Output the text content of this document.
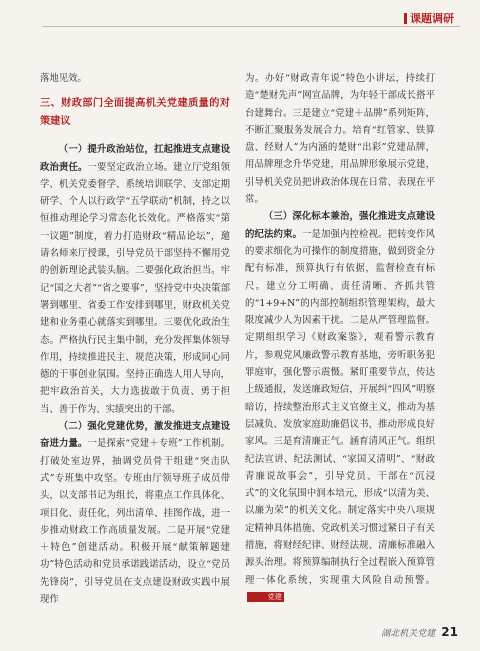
课题调研

落地见效。

三、财政部门全面提高机关党建质量的对策建议

（一）提升政治站位，扛起推进支点建设政治责任。一要坚定政治立场。建立厅党组领学、机关党委督学、系统培训联学、支部定期研学、个人以行政学“五学联动”机制，持之以恒推动理论学习常态化长效化。严格落实“第一议题”制度，着力打造财政“精品论坛”，邀请名师来厅授课，引导党员干部坚持不懈用党的创新理论武装头脑。二要强化政治担当。牢记“国之大者”“省之要事”，坚持党中央决策部署到哪里、省委工作安排到哪里，财政机关党建和业务重心就落实到哪里。三要优化政治生态。严格执行民主集中制，充分发挥集体领导作用，持续推进民主、规范决策，形成同心同德的干事创业氛围。坚持正确选人用人导向，把牢政治首关，大力选拔敢于负责、勇于担当、善于作为、实绩突出的干部。

（二）强化党建优势，激发推进支点建设奋进力量。一是探索“党建＋专班”工作机制。打破处室边界，抽调党员骨干组建“突击队式”专班集中攻坚。专班由厅领导班子成员带头，以支部书记为组长，将重点工作具体化、项目化、责任化，列出清单、挂图作战，进一步推动财政工作高质量发展。二是开展“党建＋特色”创建活动。积极开展“献策解题建功”特色活动和党员承诺践诺活动，设立“党员先锋岗”，引导党员在支点建设财政实践中展现作

为。办好“财政青年说”特色小讲坛，持续打造“楚财先声”网宣品牌，为年轻干部成长搭平台建舞台。三是建立“党建＋品牌”系列矩阵，不断汇聚服务发展合力。培育“红管家、铁算盘、经财人”为内涵的楚财“出彩”党建品牌，用品牌理念升华党建，用品牌形象展示党建，引导机关党员把讲政治体现在日常、表现在平常。

（三）深化标本兼治，强化推进支点建设的纪法约束。一是加强内控检视。把转变作风的要求细化为可操作的制度措施，做到资金分配有标准，预算执行有依据，监督检查有标尺。建立分工明确、责任清晰、齐抓共管的“1+9+N”的内部控制组织管理架构，最大限度减少人为因素干扰。二是从严管理监督。定期组织学习《财政案鉴》，观看警示教育片，参观党风廉政警示教育基地，旁听职务犯罪庭审，强化警示震慑。紧盯重要节点，传达上级通报，发送廉政短信，开展纠“四风”明察暗访，持续整治形式主义官僚主义，推动为基层减负、发放家庭助廉倡议书，推动形成良好家风。三是育清廉正气。涵育清风正气。组织纪法宣讲、纪法测试、“家国又清明”、“财政青廉说故事会”，引导党员、干部在“沉浸式”的文化氛围中润本培元，形成“以清为美、以廉为荣”的机关文化。制定落实中央八项规定精神具体措施、党政机关习惯过紧日子有关措施，将财经纪律、财经法规、清廉标准融入源头治理。将预算编制执行全过程嵌入预算管理一体化系统，实现重大风险自动预警。党建

湖北机关党建 21
